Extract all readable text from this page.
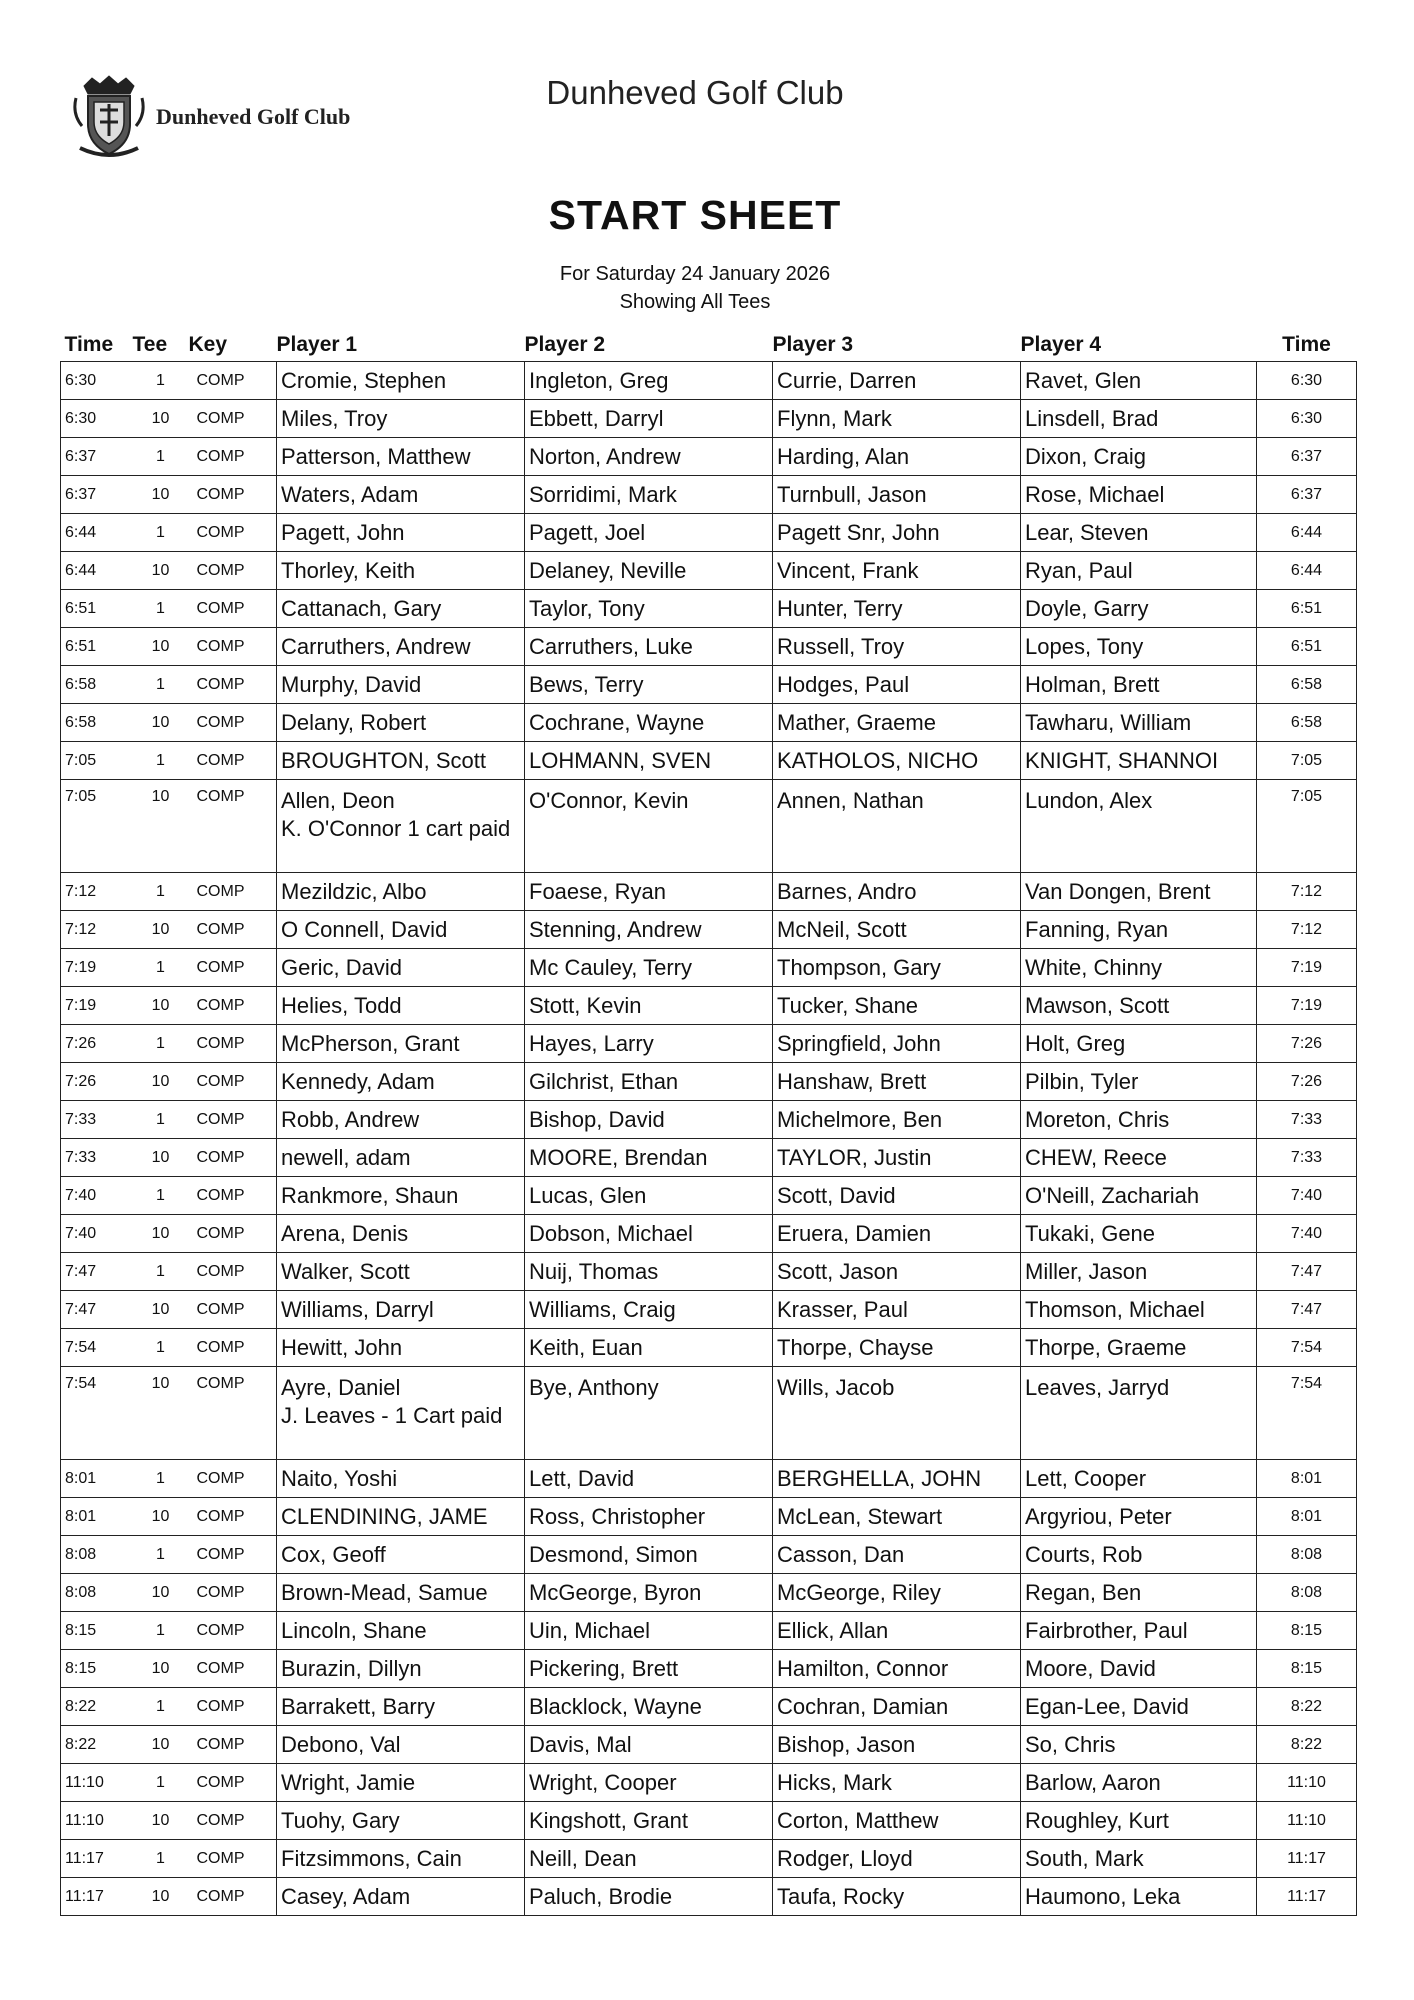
Dunheved Golf Club
Dunheved Golf Club
START SHEET
For Saturday 24 January 2026
Showing All Tees
Time	Tee	Key	Player 1	Player 2	Player 3	Player 4	Time
6:30	1	COMP	Cromie, Stephen	Ingleton, Greg	Currie, Darren	Ravet, Glen	6:30
6:30	10	COMP	Miles, Troy	Ebbett, Darryl	Flynn, Mark	Linsdell, Brad	6:30
6:37	1	COMP	Patterson, Matthew	Norton, Andrew	Harding, Alan	Dixon, Craig	6:37
6:37	10	COMP	Waters, Adam	Sorridimi, Mark	Turnbull, Jason	Rose, Michael	6:37
6:44	1	COMP	Pagett, John	Pagett, Joel	Pagett Snr, John	Lear, Steven	6:44
6:44	10	COMP	Thorley, Keith	Delaney, Neville	Vincent, Frank	Ryan, Paul	6:44
6:51	1	COMP	Cattanach, Gary	Taylor, Tony	Hunter, Terry	Doyle, Garry	6:51
6:51	10	COMP	Carruthers, Andrew	Carruthers, Luke	Russell, Troy	Lopes, Tony	6:51
6:58	1	COMP	Murphy, David	Bews, Terry	Hodges, Paul	Holman, Brett	6:58
6:58	10	COMP	Delany, Robert	Cochrane, Wayne	Mather, Graeme	Tawharu, William	6:58
7:05	1	COMP	BROUGHTON, Scott	LOHMANN, SVEN	KATHOLOS, NICHO	KNIGHT, SHANNOI	7:05
7:05	10	COMP	Allen, Deon
K. O'Connor 1 cart paid	O'Connor, Kevin	Annen, Nathan	Lundon, Alex	7:05
7:12	1	COMP	Mezildzic, Albo	Foaese, Ryan	Barnes, Andro	Van Dongen, Brent	7:12
7:12	10	COMP	O Connell, David	Stenning, Andrew	McNeil, Scott	Fanning, Ryan	7:12
7:19	1	COMP	Geric, David	Mc Cauley, Terry	Thompson, Gary	White, Chinny	7:19
7:19	10	COMP	Helies, Todd	Stott, Kevin	Tucker, Shane	Mawson, Scott	7:19
7:26	1	COMP	McPherson, Grant	Hayes, Larry	Springfield, John	Holt, Greg	7:26
7:26	10	COMP	Kennedy, Adam	Gilchrist, Ethan	Hanshaw, Brett	Pilbin, Tyler	7:26
7:33	1	COMP	Robb, Andrew	Bishop, David	Michelmore, Ben	Moreton, Chris	7:33
7:33	10	COMP	newell, adam	MOORE, Brendan	TAYLOR, Justin	CHEW, Reece	7:33
7:40	1	COMP	Rankmore, Shaun	Lucas, Glen	Scott, David	O'Neill, Zachariah	7:40
7:40	10	COMP	Arena, Denis	Dobson, Michael	Eruera, Damien	Tukaki, Gene	7:40
7:47	1	COMP	Walker, Scott	Nuij, Thomas	Scott, Jason	Miller, Jason	7:47
7:47	10	COMP	Williams, Darryl	Williams, Craig	Krasser, Paul	Thomson, Michael	7:47
7:54	1	COMP	Hewitt, John	Keith, Euan	Thorpe, Chayse	Thorpe, Graeme	7:54
7:54	10	COMP	Ayre, Daniel
J. Leaves - 1 Cart paid	Bye, Anthony	Wills, Jacob	Leaves, Jarryd	7:54
8:01	1	COMP	Naito, Yoshi	Lett, David	BERGHELLA, JOHN	Lett, Cooper	8:01
8:01	10	COMP	CLENDINING, JAME	Ross, Christopher	McLean, Stewart	Argyriou, Peter	8:01
8:08	1	COMP	Cox, Geoff	Desmond, Simon	Casson, Dan	Courts, Rob	8:08
8:08	10	COMP	Brown-Mead, Samue	McGeorge, Byron	McGeorge, Riley	Regan, Ben	8:08
8:15	1	COMP	Lincoln, Shane	Uin, Michael	Ellick, Allan	Fairbrother, Paul	8:15
8:15	10	COMP	Burazin, Dillyn	Pickering, Brett	Hamilton, Connor	Moore, David	8:15
8:22	1	COMP	Barrakett, Barry	Blacklock, Wayne	Cochran, Damian	Egan-Lee, David	8:22
8:22	10	COMP	Debono, Val	Davis, Mal	Bishop, Jason	So, Chris	8:22
11:10	1	COMP	Wright, Jamie	Wright, Cooper	Hicks, Mark	Barlow, Aaron	11:10
11:10	10	COMP	Tuohy, Gary	Kingshott, Grant	Corton, Matthew	Roughley, Kurt	11:10
11:17	1	COMP	Fitzsimmons, Cain	Neill, Dean	Rodger, Lloyd	South, Mark	11:17
11:17	10	COMP	Casey, Adam	Paluch, Brodie	Taufa, Rocky	Haumono, Leka	11:17
